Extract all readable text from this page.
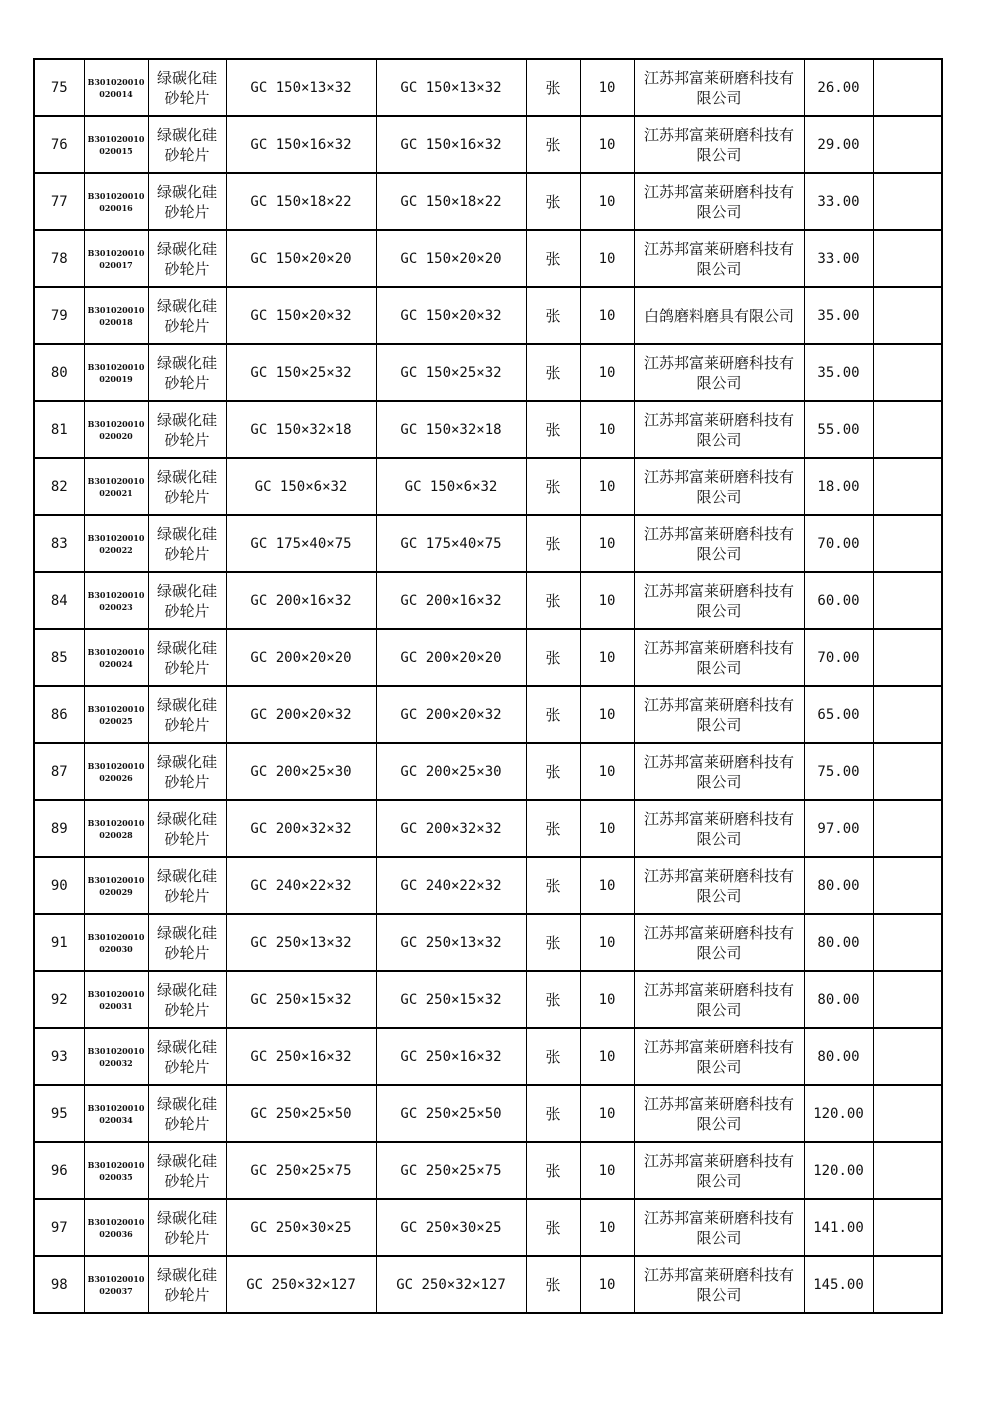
75	B301020010020014	绿碳化硅砂轮片	GC 150×13×32	GC 150×13×32	张	10	江苏邦富莱研磨科技有限公司	26.00	
76	B301020010020015	绿碳化硅砂轮片	GC 150×16×32	GC 150×16×32	张	10	江苏邦富莱研磨科技有限公司	29.00	
77	B301020010020016	绿碳化硅砂轮片	GC 150×18×22	GC 150×18×22	张	10	江苏邦富莱研磨科技有限公司	33.00	
78	B301020010020017	绿碳化硅砂轮片	GC 150×20×20	GC 150×20×20	张	10	江苏邦富莱研磨科技有限公司	33.00	
79	B301020010020018	绿碳化硅砂轮片	GC 150×20×32	GC 150×20×32	张	10	白鸽磨料磨具有限公司	35.00	
80	B301020010020019	绿碳化硅砂轮片	GC 150×25×32	GC 150×25×32	张	10	江苏邦富莱研磨科技有限公司	35.00	
81	B301020010020020	绿碳化硅砂轮片	GC 150×32×18	GC 150×32×18	张	10	江苏邦富莱研磨科技有限公司	55.00	
82	B301020010020021	绿碳化硅砂轮片	GC 150×6×32	GC 150×6×32	张	10	江苏邦富莱研磨科技有限公司	18.00	
83	B301020010020022	绿碳化硅砂轮片	GC 175×40×75	GC 175×40×75	张	10	江苏邦富莱研磨科技有限公司	70.00	
84	B301020010020023	绿碳化硅砂轮片	GC 200×16×32	GC 200×16×32	张	10	江苏邦富莱研磨科技有限公司	60.00	
85	B301020010020024	绿碳化硅砂轮片	GC 200×20×20	GC 200×20×20	张	10	江苏邦富莱研磨科技有限公司	70.00	
86	B301020010020025	绿碳化硅砂轮片	GC 200×20×32	GC 200×20×32	张	10	江苏邦富莱研磨科技有限公司	65.00	
87	B301020010020026	绿碳化硅砂轮片	GC 200×25×30	GC 200×25×30	张	10	江苏邦富莱研磨科技有限公司	75.00	
89	B301020010020028	绿碳化硅砂轮片	GC 200×32×32	GC 200×32×32	张	10	江苏邦富莱研磨科技有限公司	97.00	
90	B301020010020029	绿碳化硅砂轮片	GC 240×22×32	GC 240×22×32	张	10	江苏邦富莱研磨科技有限公司	80.00	
91	B301020010020030	绿碳化硅砂轮片	GC 250×13×32	GC 250×13×32	张	10	江苏邦富莱研磨科技有限公司	80.00	
92	B301020010020031	绿碳化硅砂轮片	GC 250×15×32	GC 250×15×32	张	10	江苏邦富莱研磨科技有限公司	80.00	
93	B301020010020032	绿碳化硅砂轮片	GC 250×16×32	GC 250×16×32	张	10	江苏邦富莱研磨科技有限公司	80.00	
95	B301020010020034	绿碳化硅砂轮片	GC 250×25×50	GC 250×25×50	张	10	江苏邦富莱研磨科技有限公司	120.00	
96	B301020010020035	绿碳化硅砂轮片	GC 250×25×75	GC 250×25×75	张	10	江苏邦富莱研磨科技有限公司	120.00	
97	B301020010020036	绿碳化硅砂轮片	GC 250×30×25	GC 250×30×25	张	10	江苏邦富莱研磨科技有限公司	141.00	
98	B301020010020037	绿碳化硅砂轮片	GC 250×32×127	GC 250×32×127	张	10	江苏邦富莱研磨科技有限公司	145.00	
